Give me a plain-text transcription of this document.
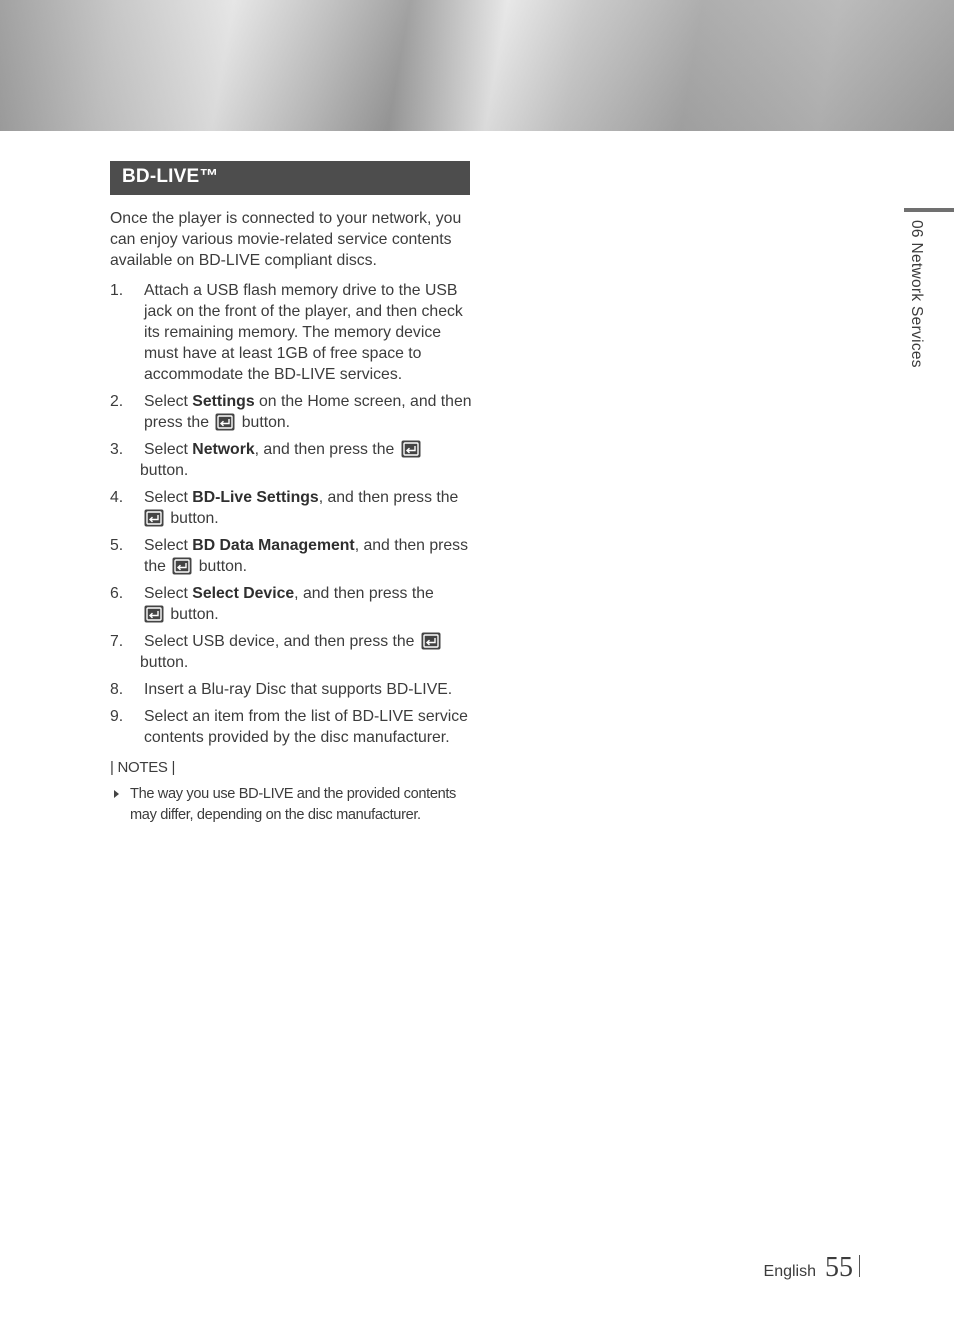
BD-LIVE™

Once the player is connected to your network, you can enjoy various movie-related service contents available on BD-LIVE compliant discs.

1. Attach a USB flash memory drive to the USB jack on the front of the player, and then check its remaining memory. The memory device must have at least 1GB of free space to accommodate the BD-LIVE services.
2. Select Settings on the Home screen, and then press the  button.
3. Select Network, and then press the
button.
4. Select BD-Live Settings, and then press the
button.
5. Select BD Data Management, and then press the  button.
6. Select Select Device, and then press the
button.
7. Select USB device, and then press the
button.
8. Insert a Blu-ray Disc that supports BD-LIVE.
9. Select an item from the list of BD-LIVE service contents provided by the disc manufacturer.
| NOTES |
The way you use BD-LIVE and the provided contents may differ, depending on the disc manufacturer.
06 Network Services
English 55
